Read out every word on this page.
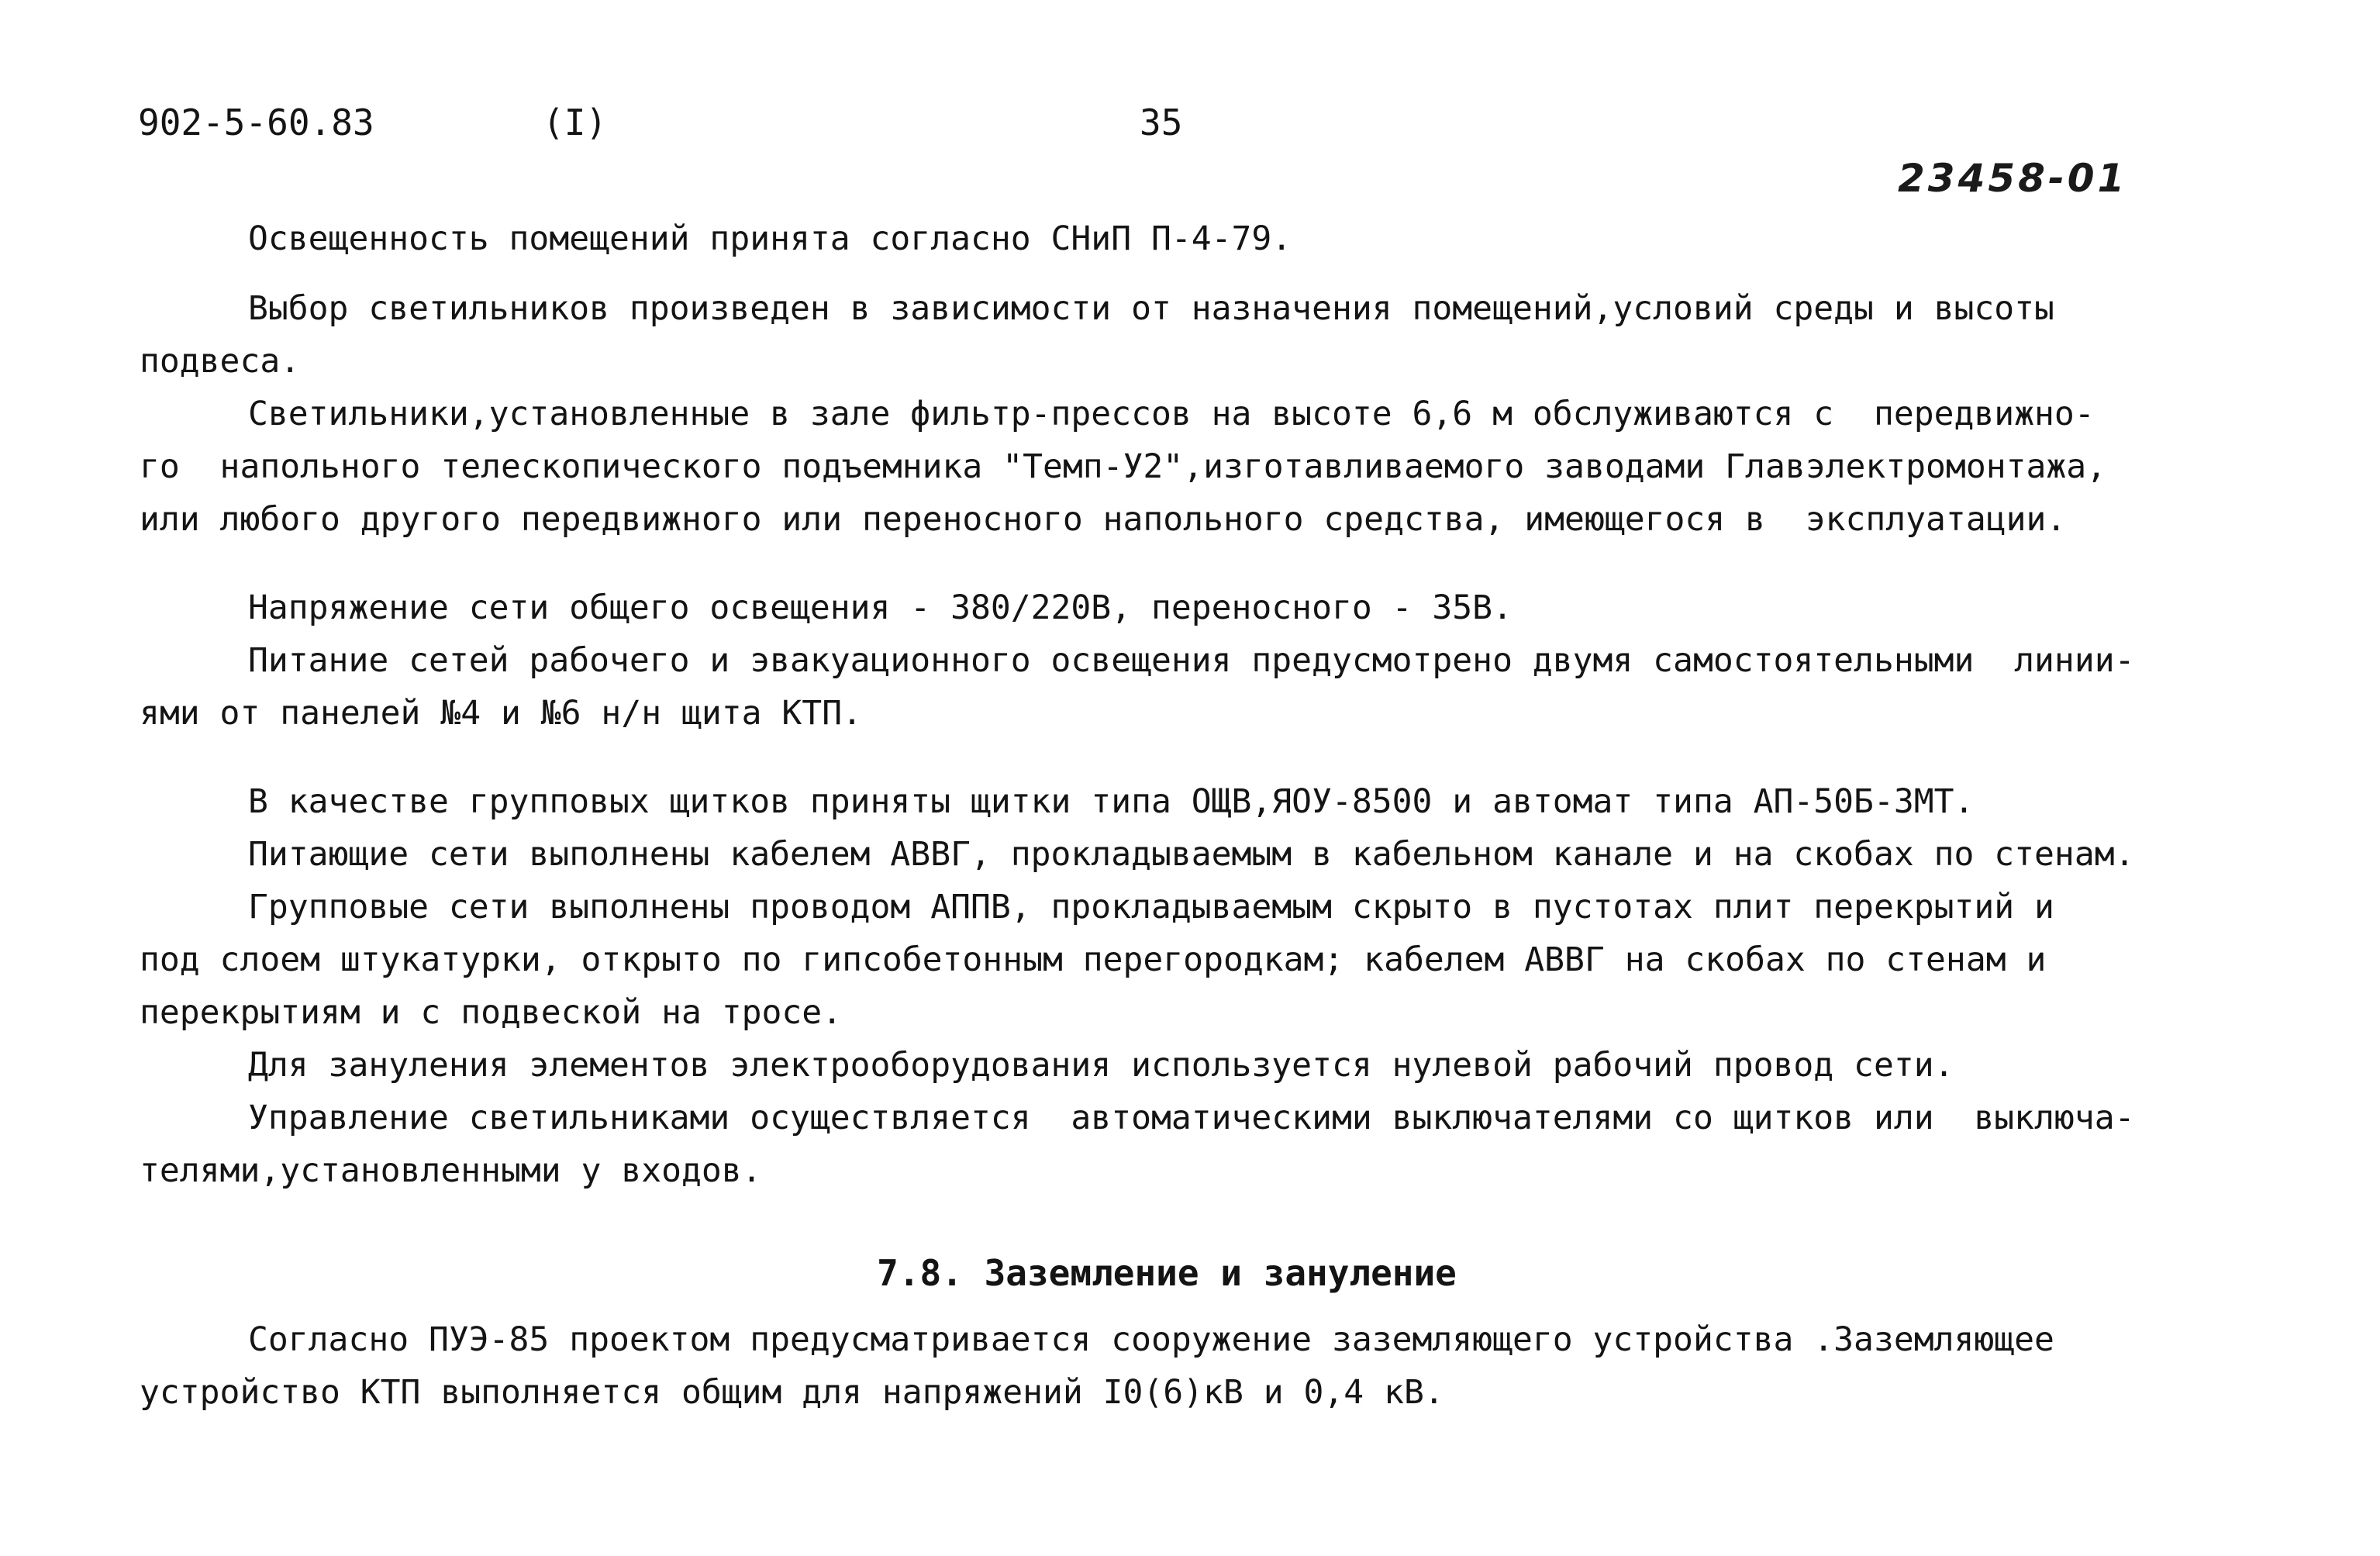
902-5-60.83	(I)	35
23458-01

Освещенность помещений принята согласно СНиП П-4-79.

Выбор светильников произведен в зависимости от назначения помещений,условий среды и высоты
подвеса.

Светильники,установленные в зале фильтр-прессов на высоте 6,6 м обслуживаются с  передвижно-
го  напольного телескопического подъемника "Темп-У2",изготавливаемого заводами Главэлектромонтажа,
или любого другого передвижного или переносного напольного средства, имеющегося в  эксплуатации.

Напряжение сети общего освещения - 380/220В, переносного - 35В.

Питание сетей рабочего и эвакуационного освещения предусмотрено двумя самостоятельными  линии-
ями от панелей №4 и №6 н/н щита КТП.

В качестве групповых щитков приняты щитки типа ОЩВ,ЯОУ-8500 и автомат типа АП-50Б-3МТ.

Питающие сети выполнены кабелем АВВГ, прокладываемым в кабельном канале и на скобах по стенам.

Групповые сети выполнены проводом АППВ, прокладываемым скрыто в пустотах плит перекрытий и
под слоем штукатурки, открыто по гипсобетонным перегородкам; кабелем АВВГ на скобах по стенам и
перекрытиям и с подвеской на тросе.

Для зануления элементов электрооборудования используется нулевой рабочий провод сети.

Управление светильниками осуществляется  автоматическими выключателями со щитков или  выключа-
телями,установленными у входов.

7.8. Заземление и зануление

Согласно ПУЭ-85 проектом предусматривается сооружение заземляющего устройства .Заземляющее
устройство КТП выполняется общим для напряжений I0(6)кВ и 0,4 кВ.
